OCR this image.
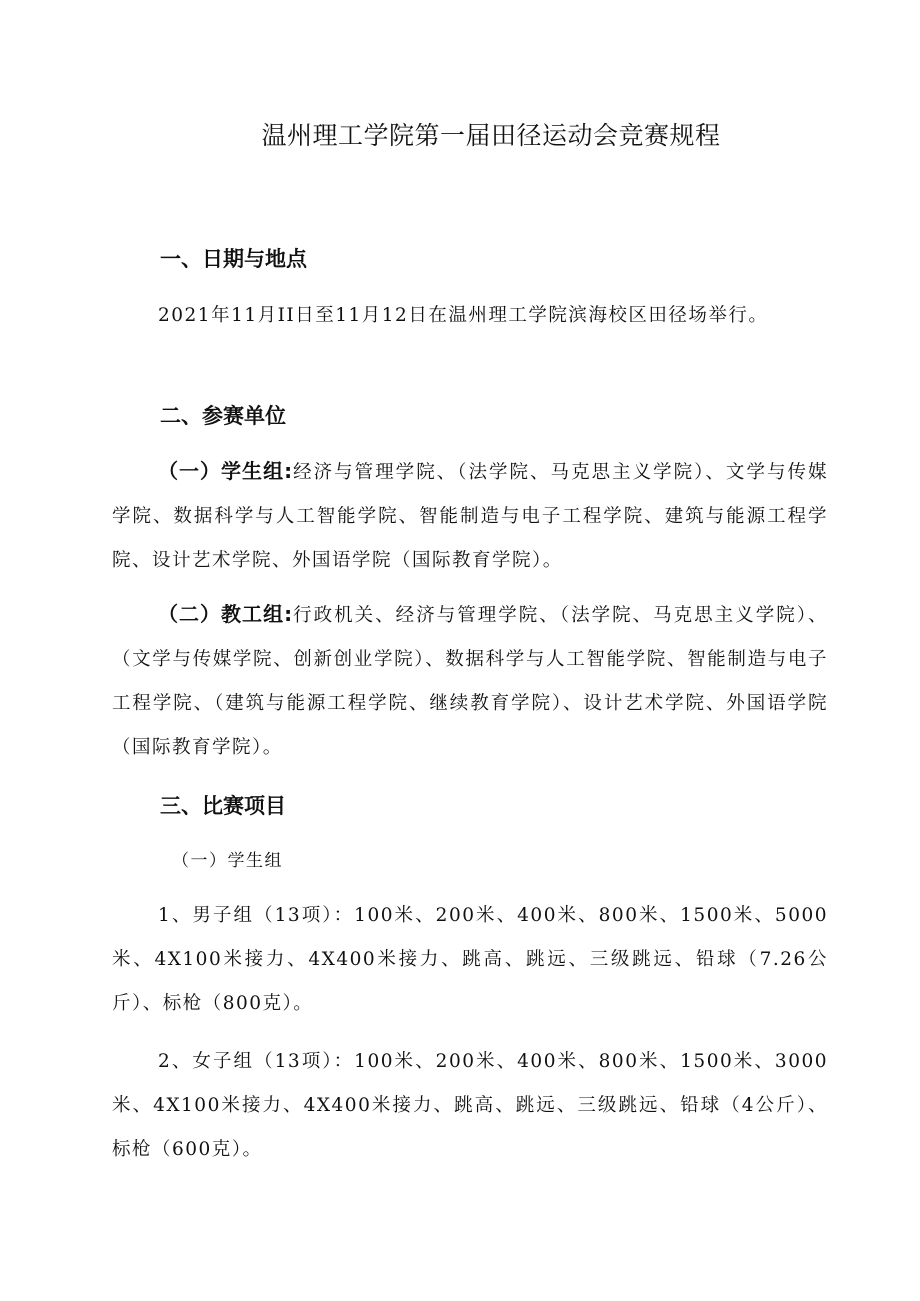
温州理工学院第一届田径运动会竞赛规程
一、日期与地点
2021年11月II日至11月12日在温州理工学院滨海校区田径场举行。
二、参赛单位
（一）学生组:经济与管理学院、（法学院、马克思主义学院）、文学与传媒学院、数据科学与人工智能学院、智能制造与电子工程学院、建筑与能源工程学院、设计艺术学院、外国语学院（国际教育学院）。
（二）教工组:行政机关、经济与管理学院、（法学院、马克思主义学院）、（文学与传媒学院、创新创业学院）、数据科学与人工智能学院、智能制造与电子工程学院、（建筑与能源工程学院、继续教育学院）、设计艺术学院、外国语学院（国际教育学院）。
三、比赛项目
（一）学生组
1、男子组（13项）：100米、200米、400米、800米、1500米、5000米、4X100米接力、4X400米接力、跳高、跳远、三级跳远、铅球（7.26公斤）、标枪（800克）。
2、女子组（13项）：100米、200米、400米、800米、1500米、3000米、4X100米接力、4X400米接力、跳高、跳远、三级跳远、铅球（4公斤）、标枪（600克）。
